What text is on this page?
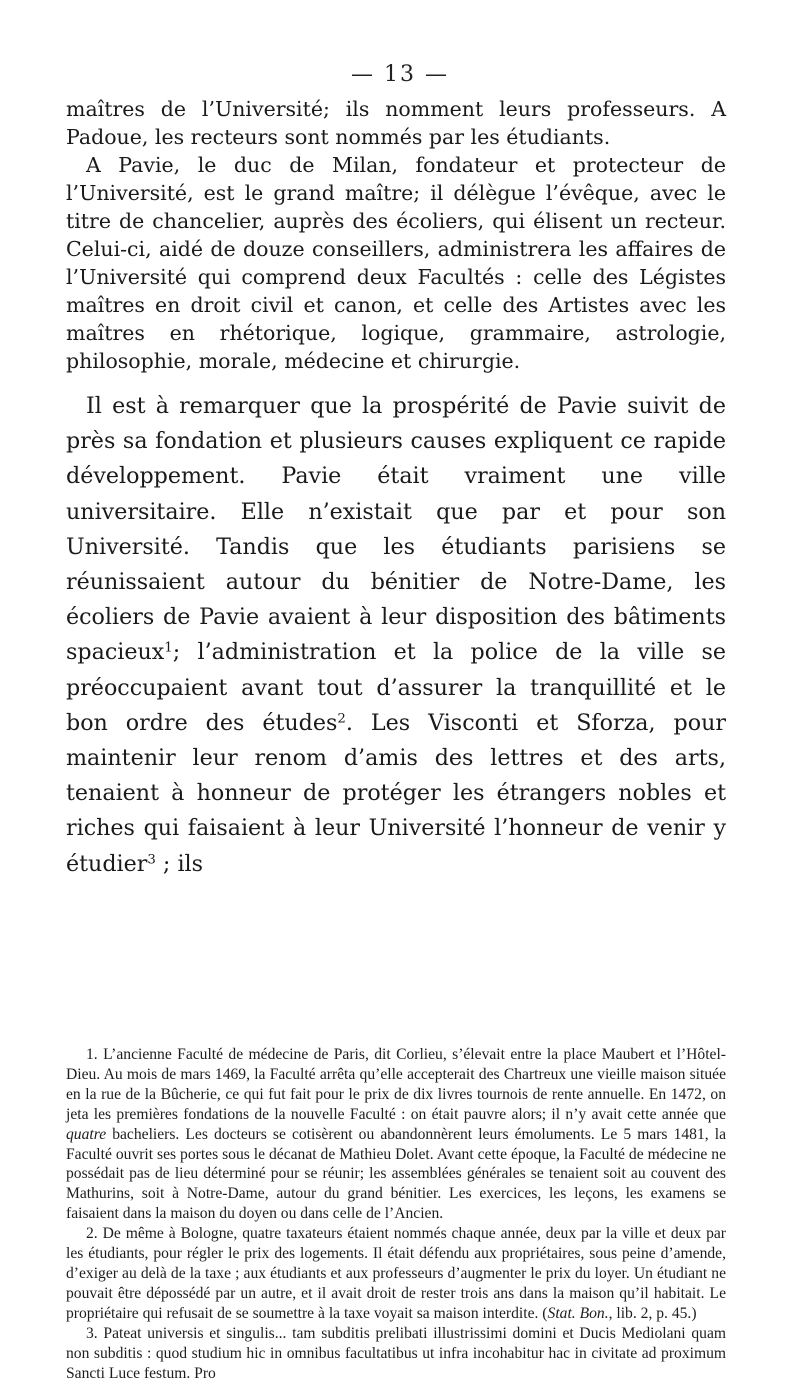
— 13 —

maîtres de l’Université; ils nomment leurs professeurs. A Padoue, les recteurs sont nommés par les étudiants.

A Pavie, le duc de Milan, fondateur et protecteur de l’Université, est le grand maître; il délègue l’évêque, avec le titre de chancelier, auprès des écoliers, qui élisent un recteur. Celui-ci, aidé de douze conseillers, administrera les affaires de l’Université qui comprend deux Facultés : celle des Légistes maîtres en droit civil et canon, et celle des Artistes avec les maîtres en rhétorique, logique, grammaire, astrologie, philosophie, morale, médecine et chirurgie.

Il est à remarquer que la prospérité de Pavie suivit de près sa fondation et plusieurs causes expliquent ce rapide développement. Pavie était vraiment une ville universitaire. Elle n’existait que par et pour son Université. Tandis que les étudiants parisiens se réunissaient autour du bénitier de Notre-Dame, les écoliers de Pavie avaient à leur disposition des bâtiments spacieux$^1$; l’administration et la police de la ville se préoccupaient avant tout d’assurer la tranquillité et le bon ordre des études$^2$. Les Visconti et Sforza, pour maintenir leur renom d’amis des lettres et des arts, tenaient à honneur de protéger les étrangers nobles et riches qui faisaient à leur Université l’honneur de venir y étudier$^3$ ; ils

1. L’ancienne Faculté de médecine de Paris, dit Corlieu, s’élevait entre la place Maubert et l’Hôtel-Dieu. Au mois de mars 1469, la Faculté arrêta qu’elle accepterait des Chartreux une vieille maison située en la rue de la Bûcherie, ce qui fut fait pour le prix de dix livres tournois de rente annuelle. En 1472, on jeta les premières fondations de la nouvelle Faculté : on était pauvre alors; il n’y avait cette année que quatre bacheliers. Les docteurs se cotisèrent ou abandonnèrent leurs émoluments. Le 5 mars 1481, la Faculté ouvrit ses portes sous le décanat de Mathieu Dolet. Avant cette époque, la Faculté de médecine ne possédait pas de lieu déterminé pour se réunir; les assemblées générales se tenaient soit au couvent des Mathurins, soit à Notre-Dame, autour du grand bénitier. Les exercices, les leçons, les examens se faisaient dans la maison du doyen ou dans celle de l’Ancien.

2. De même à Bologne, quatre taxateurs étaient nommés chaque année, deux par la ville et deux par les étudiants, pour régler le prix des logements. Il était défendu aux propriétaires, sous peine d’amende, d’exiger au delà de la taxe ; aux étudiants et aux professeurs d’augmenter le prix du loyer. Un étudiant ne pouvait être dépossédé par un autre, et il avait droit de rester trois ans dans la maison qu’il habitait. Le propriétaire qui refusait de se soumettre à la taxe voyait sa maison interdite. (Stat. Bon., lib. 2, p. 45.)

3. Pateat universis et singulis... tam subditis prelibati illustrissimi domini et Ducis Mediolani quam non subditis : quod studium hic in omnibus facultatibus ut infra incohabitur hac in civitate ad proximum Sancti Luce festum. Pro
